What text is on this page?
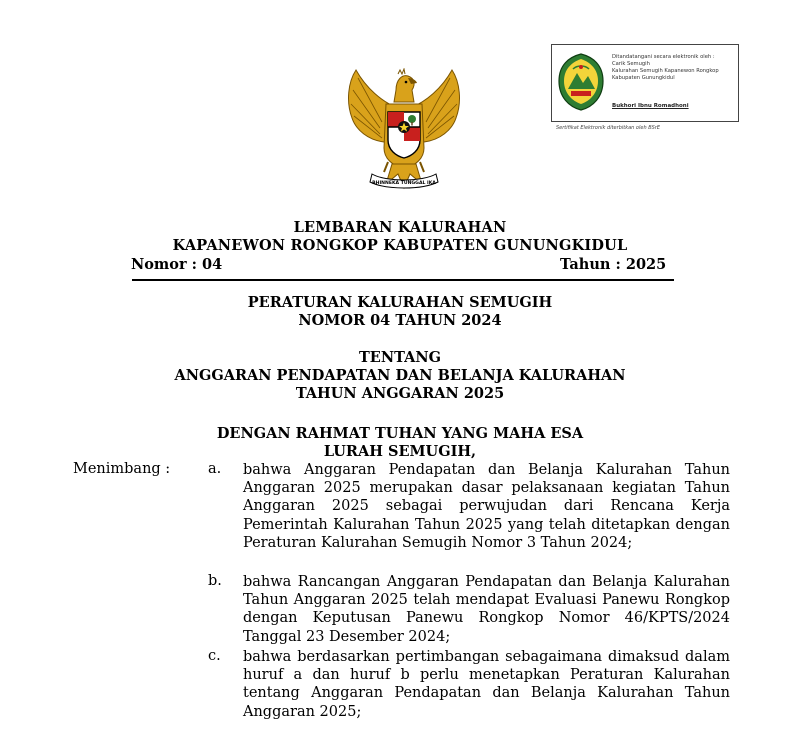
BHINNEKA TUNGGAL IKA
Ditandatangani secara elektronik oleh :
Carik Semugih
Kalurahan Semugih Kapanewon Rongkop
Kabupaten Gunungkidul
Bukhori Ibnu Romadhoni
Sertifikat Elektronik diterbitkan oleh BSrE
LEMBARAN KALURAHAN
KAPANEWON RONGKOP KABUPATEN GUNUNGKIDUL
Nomor : 04	Tahun : 2025
PERATURAN KALURAHAN SEMUGIH
NOMOR 04 TAHUN 2024
TENTANG
ANGGARAN PENDAPATAN DAN BELANJA KALURAHAN
TAHUN ANGGARAN 2025
DENGAN RAHMAT TUHAN YANG MAHA ESA
LURAH SEMUGIH,
Menimbang :	a. bahwa Anggaran Pendapatan dan Belanja Kalurahan Tahun Anggaran 2025 merupakan dasar pelaksanaan kegiatan Tahun Anggaran 2025 sebagai perwujudan dari Rencana Kerja Pemerintah Kalurahan Tahun 2025 yang telah ditetapkan dengan Peraturan Kalurahan Semugih Nomor 3 Tahun 2024;
b. bahwa Rancangan Anggaran Pendapatan dan Belanja Kalurahan Tahun Anggaran 2025 telah mendapat Evaluasi Panewu Rongkop dengan Keputusan Panewu Rongkop Nomor 46/KPTS/2024 Tanggal 23 Desember 2024;
c. bahwa berdasarkan pertimbangan sebagaimana dimaksud dalam huruf a dan huruf b perlu menetapkan Peraturan Kalurahan tentang Anggaran Pendapatan dan Belanja Kalurahan Tahun Anggaran 2025;
